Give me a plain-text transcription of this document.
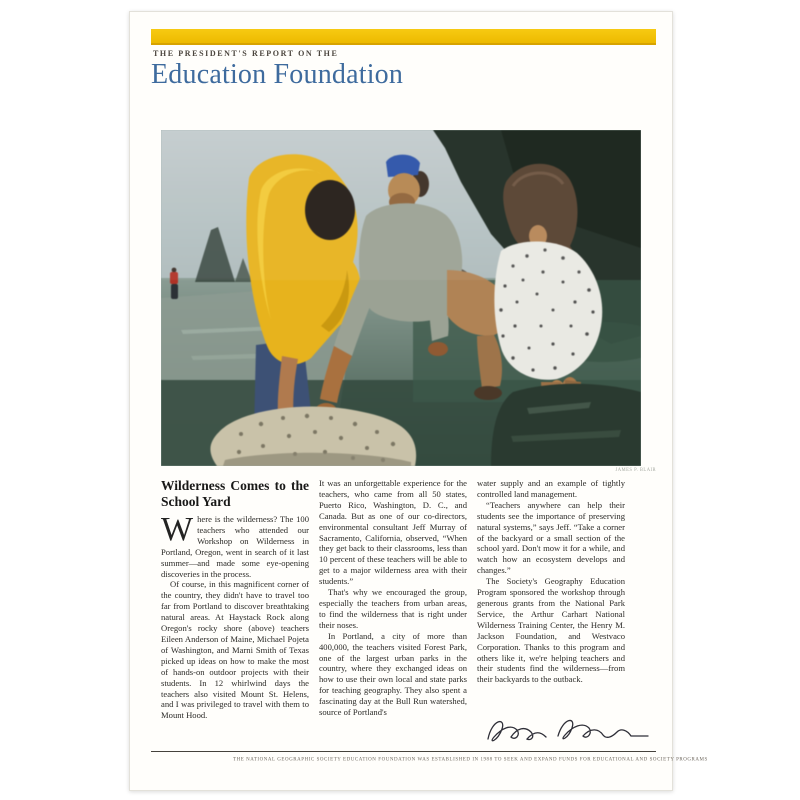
THE PRESIDENT'S REPORT ON THE
Education Foundation
JAMES P. BLAIR
Wilderness Comes to the School Yard

Where is the wilderness? The 100 teachers who attended our Workshop on Wilderness in Portland, Oregon, went in search of it last summer—and made some eye-opening discoveries in the process.

Of course, in this magnificent corner of the country, they didn't have to travel too far from Portland to discover breathtaking natural areas. At Haystack Rock along Oregon's rocky shore (above) teachers Eileen Anderson of Maine, Michael Pojeta of Washington, and Marni Smith of Texas picked up ideas on how to make the most of hands-on outdoor projects with their students. In 12 whirlwind days the teachers also visited Mount St. Helens, and I was privileged to travel with them to Mount Hood.

It was an unforgettable experience for the teachers, who came from all 50 states, Puerto Rico, Washington, D. C., and Canada. But as one of our co-directors, environmental consultant Jeff Murray of Sacramento, California, observed, “When they get back to their classrooms, less than 10 percent of these teachers will be able to get to a major wilderness area with their students.”

That's why we encouraged the group, especially the teachers from urban areas, to find the wilderness that is right under their noses.

In Portland, a city of more than 400,000, the teachers visited Forest Park, one of the largest urban parks in the country, where they exchanged ideas on how to use their own local and state parks for teaching geography. They also spent a fascinating day at the Bull Run watershed, source of Portland's

water supply and an example of tightly controlled land management.

“Teachers anywhere can help their students see the importance of preserving natural systems,” says Jeff. “Take a corner of the backyard or a small section of the school yard. Don't mow it for a while, and watch how an ecosystem develops and changes.”

The Society's Geography Education Program sponsored the workshop through generous grants from the National Park Service, the Arthur Carhart National Wilderness Training Center, the Henry M. Jackson Foundation, and Westvaco Corporation. Thanks to this program and others like it, we're helping teachers and their students find the wilderness—from their backyards to the outback.

THE NATIONAL GEOGRAPHIC SOCIETY EDUCATION FOUNDATION WAS ESTABLISHED IN 1988 TO SEEK AND EXPAND FUNDS FOR EDUCATIONAL AND SOCIETY PROGRAMS
